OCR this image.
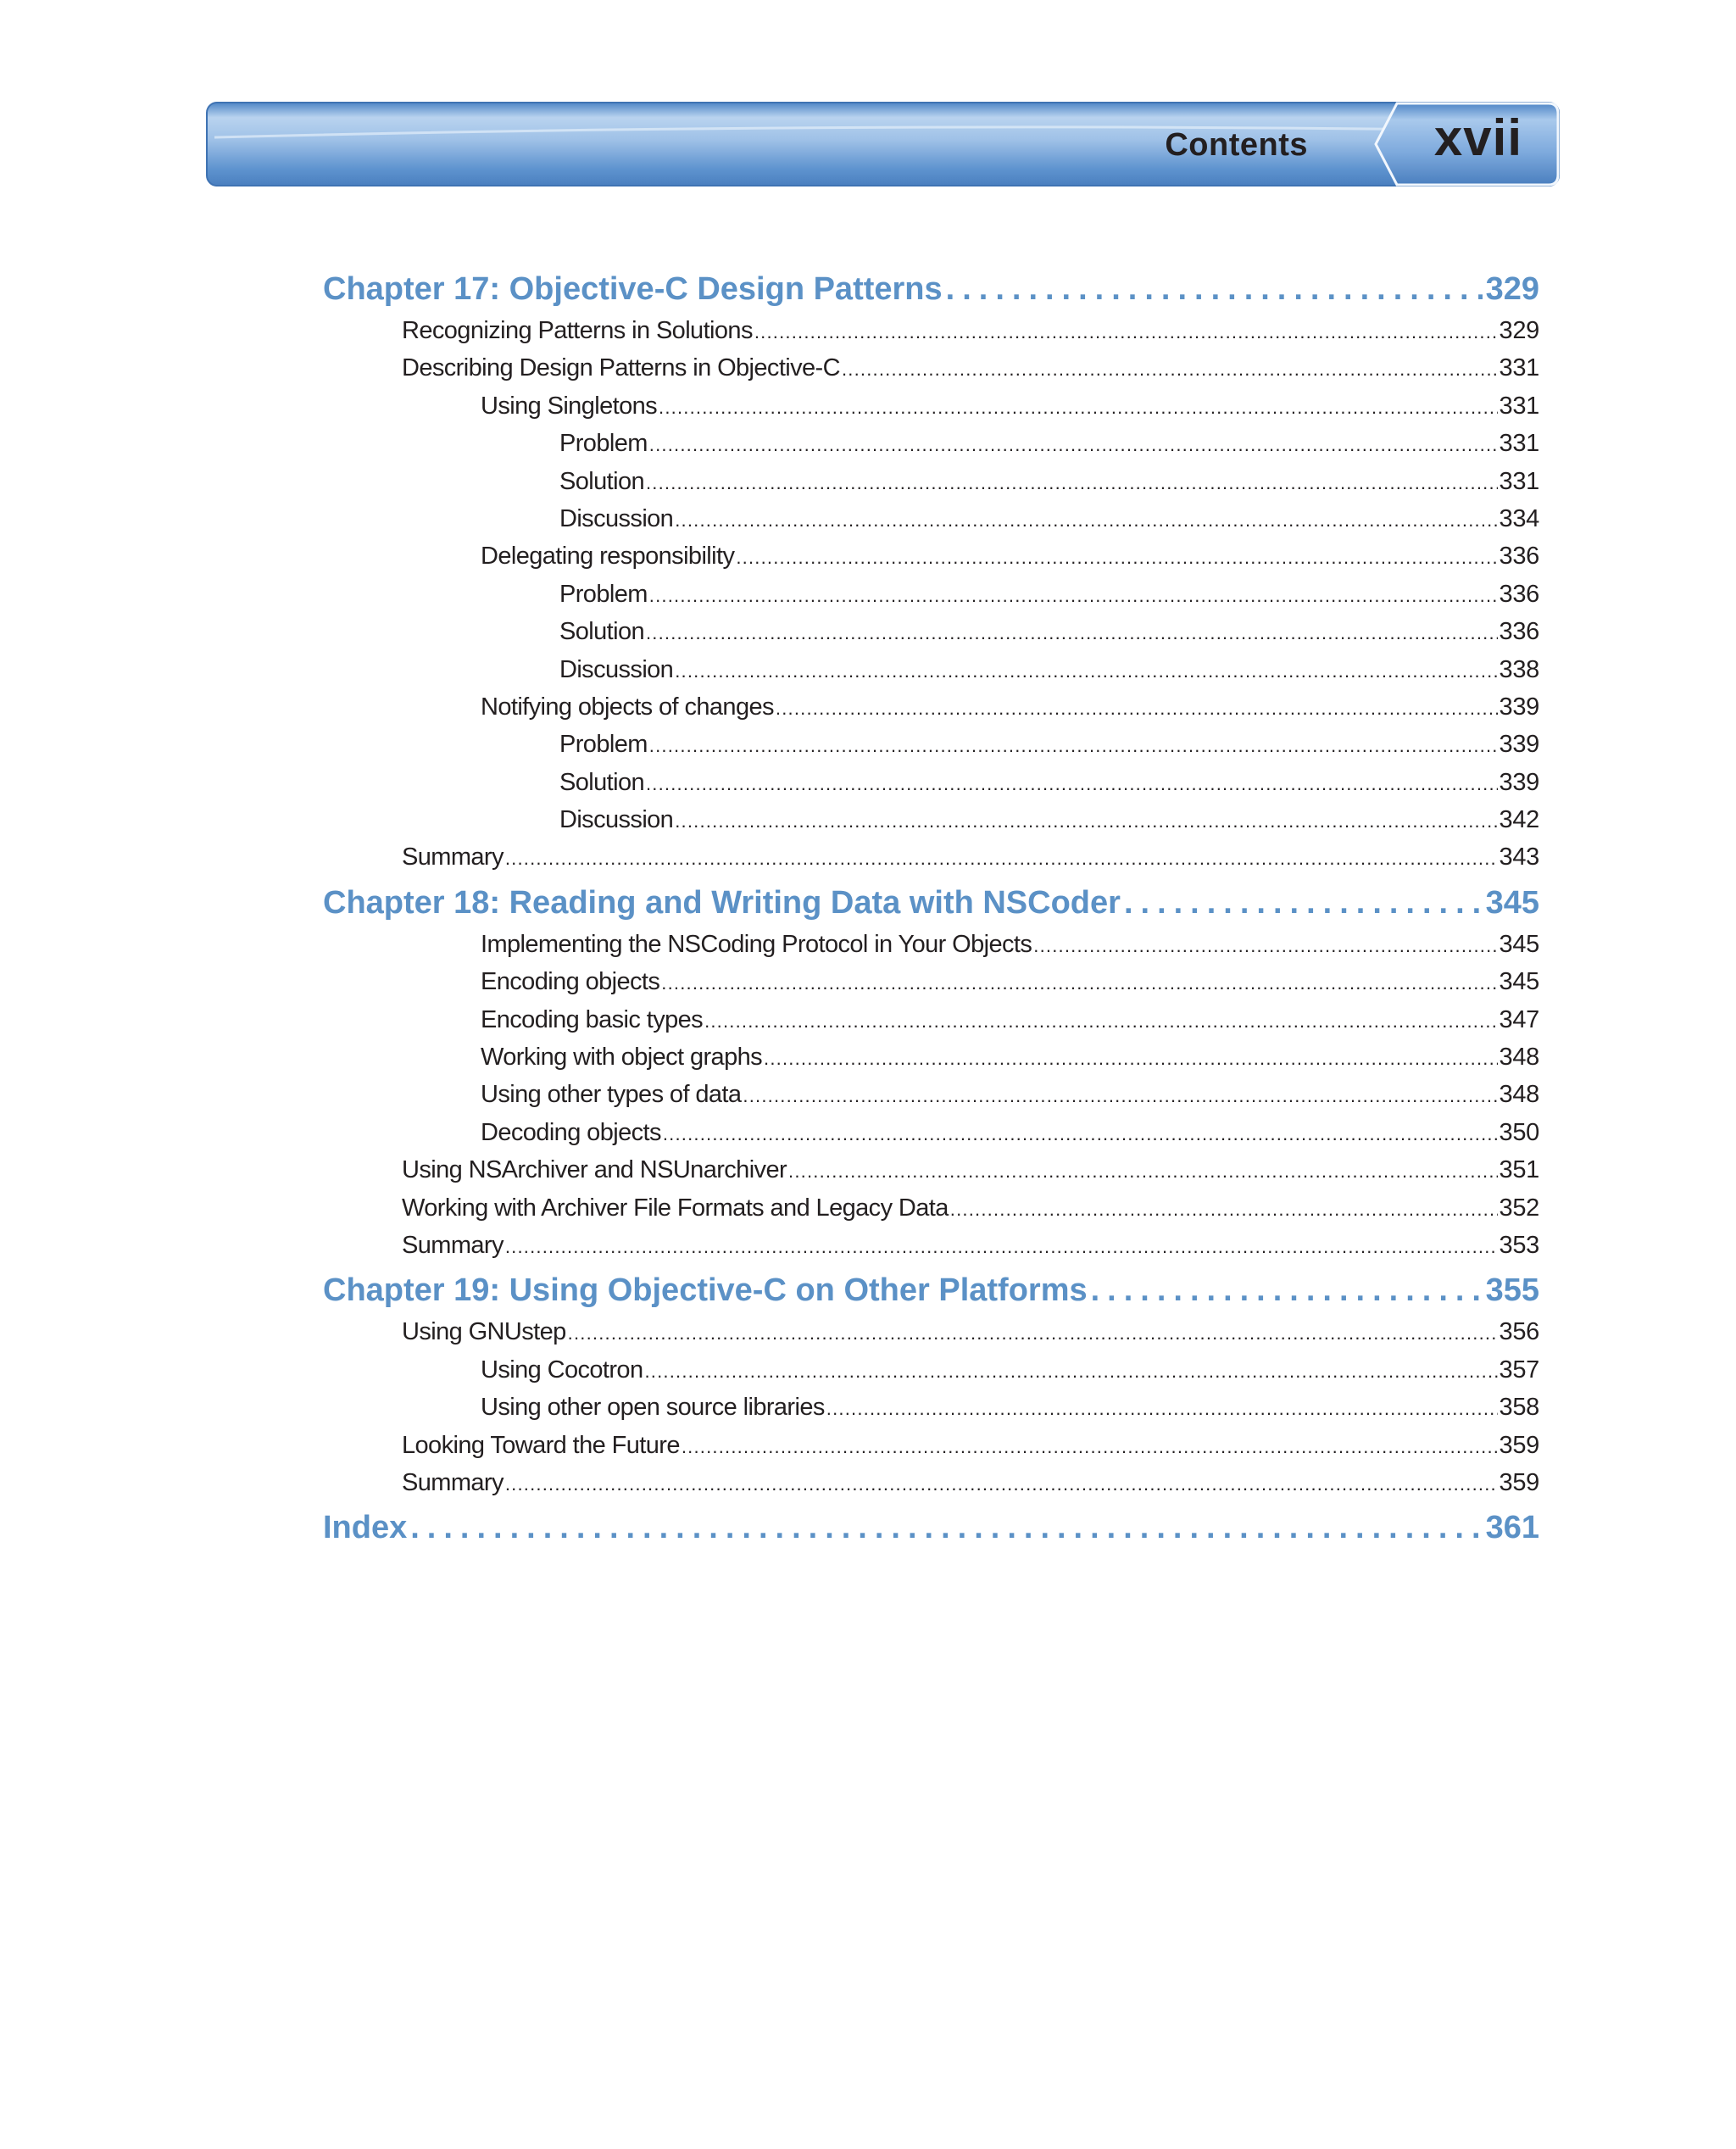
Contents xvii
Chapter 17: Objective-C Design Patterns .....	329
Recognizing Patterns in Solutions .....	329
Describing Design Patterns in Objective-C .....	331
Using Singletons .....	331
Problem .....	331
Solution .....	331
Discussion .....	334
Delegating responsibility .....	336
Problem .....	336
Solution .....	336
Discussion .....	338
Notifying objects of changes .....	339
Problem .....	339
Solution .....	339
Discussion .....	342
Summary .....	343
Chapter 18: Reading and Writing Data with NSCoder .....	345
Implementing the NSCoding Protocol in Your Objects .....	345
Encoding objects .....	345
Encoding basic types .....	347
Working with object graphs .....	348
Using other types of data .....	348
Decoding objects .....	350
Using NSArchiver and NSUnarchiver .....	351
Working with Archiver File Formats and Legacy Data .....	352
Summary .....	353
Chapter 19: Using Objective-C on Other Platforms .....	355
Using GNUstep .....	356
Using Cocotron .....	357
Using other open source libraries .....	358
Looking Toward the Future .....	359
Summary .....	359
Index .....	361
